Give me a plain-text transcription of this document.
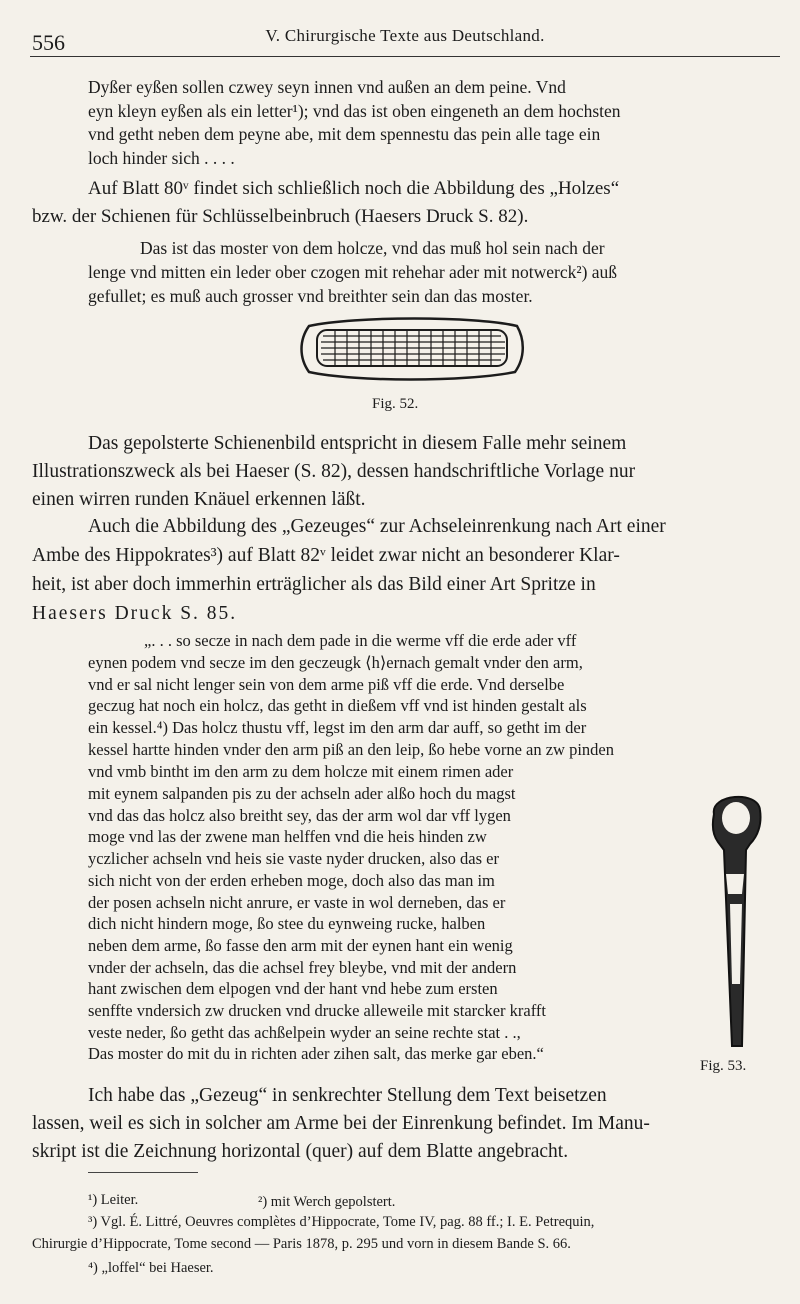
556	V. Chirurgische Texte aus Deutschland.
Dyßer eyßen sollen czwey seyn innen vnd außen an dem peine. Vnd
eyn kleyn eyßen als ein letter¹); vnd das ist oben eingeneth an dem hochsten
vnd getht neben dem peyne abe, mit dem spennestu das pein alle tage ein
loch hinder sich . . . .
Auf Blatt 80ᵛ findet sich schließlich noch die Abbildung des „Holzes“
bzw. der Schienen für Schlüsselbeinbruch (Haesers Druck S. 82).
Das ist das moster von dem holcze, vnd das muß hol sein nach der
lenge vnd mitten ein leder ober czogen mit rehehar ader mit notwerck²) auß
gefullet; es muß auch grosser vnd breithter sein dan das moster.
Fig. 52.
Das gepolsterte Schienenbild entspricht in diesem Falle mehr seinem
Illustrationszweck als bei Haeser (S. 82), dessen handschriftliche Vorlage nur
einen wirren runden Knäuel erkennen läßt.
Auch die Abbildung des „Gezeuges“ zur Achseleinrenkung nach Art einer
Ambe des Hippokrates³) auf Blatt 82ᵛ leidet zwar nicht an besonderer Klar-
heit, ist aber doch immerhin erträglicher als das Bild einer Art Spritze in
Haesers Druck S. 85.
„. . . so secze in nach dem pade in die werme vff die erde ader vff
eynen podem vnd secze im den geczeugk ⟨h⟩ernach gemalt vnder den arm,
vnd er sal nicht lenger sein von dem arme piß vff die erde. Vnd derselbe
geczug hat noch ein holcz, das getht in dießem vff vnd ist hinden gestalt als
ein kessel.⁴) Das holcz thustu vff, legst im den arm dar auff, so getht im der
kessel hartte hinden vnder den arm piß an den leip, ßo hebe vorne an zw pinden
vnd vmb bintht im den arm zu dem holcze mit einem rimen ader
mit eynem salpanden pis zu der achseln ader alßo hoch du magst
vnd das das holcz also breitht sey, das der arm wol dar vff lygen
moge vnd las der zwene man helffen vnd die heis hinden zw
yczlicher achseln vnd heis sie vaste nyder drucken, also das er
sich nicht von der erden erheben moge, doch also das man im
der posen achseln nicht anrure, er vaste in wol derneben, das er
dich nicht hindern moge, ßo stee du eynweing rucke, halben
neben dem arme, ßo fasse den arm mit der eynen hant ein wenig
vnder der achseln, das die achsel frey bleybe, vnd mit der andern
hant zwischen dem elpogen vnd der hant vnd hebe zum ersten
senffte vndersich zw drucken vnd drucke alleweile mit starcker krafft
veste neder, ßo getht das achßelpein wyder an seine rechte stat . .,
Das moster do mit du in richten ader zihen salt, das merke gar eben.“
Fig. 53.
Ich habe das „Gezeug“ in senkrechter Stellung dem Text beisetzen
lassen, weil es sich in solcher am Arme bei der Einrenkung befindet. Im Manu-
skript ist die Zeichnung horizontal (quer) auf dem Blatte angebracht.
¹) Leiter.	²) mit Werch gepolstert.
³) Vgl. É. Littré, Oeuvres complètes d’Hippocrate, Tome IV, pag. 88 ff.; I. E. Petrequin,
Chirurgie d’Hippocrate, Tome second — Paris 1878, p. 295 und vorn in diesem Bande S. 66.
⁴) „loffel“ bei Haeser.
